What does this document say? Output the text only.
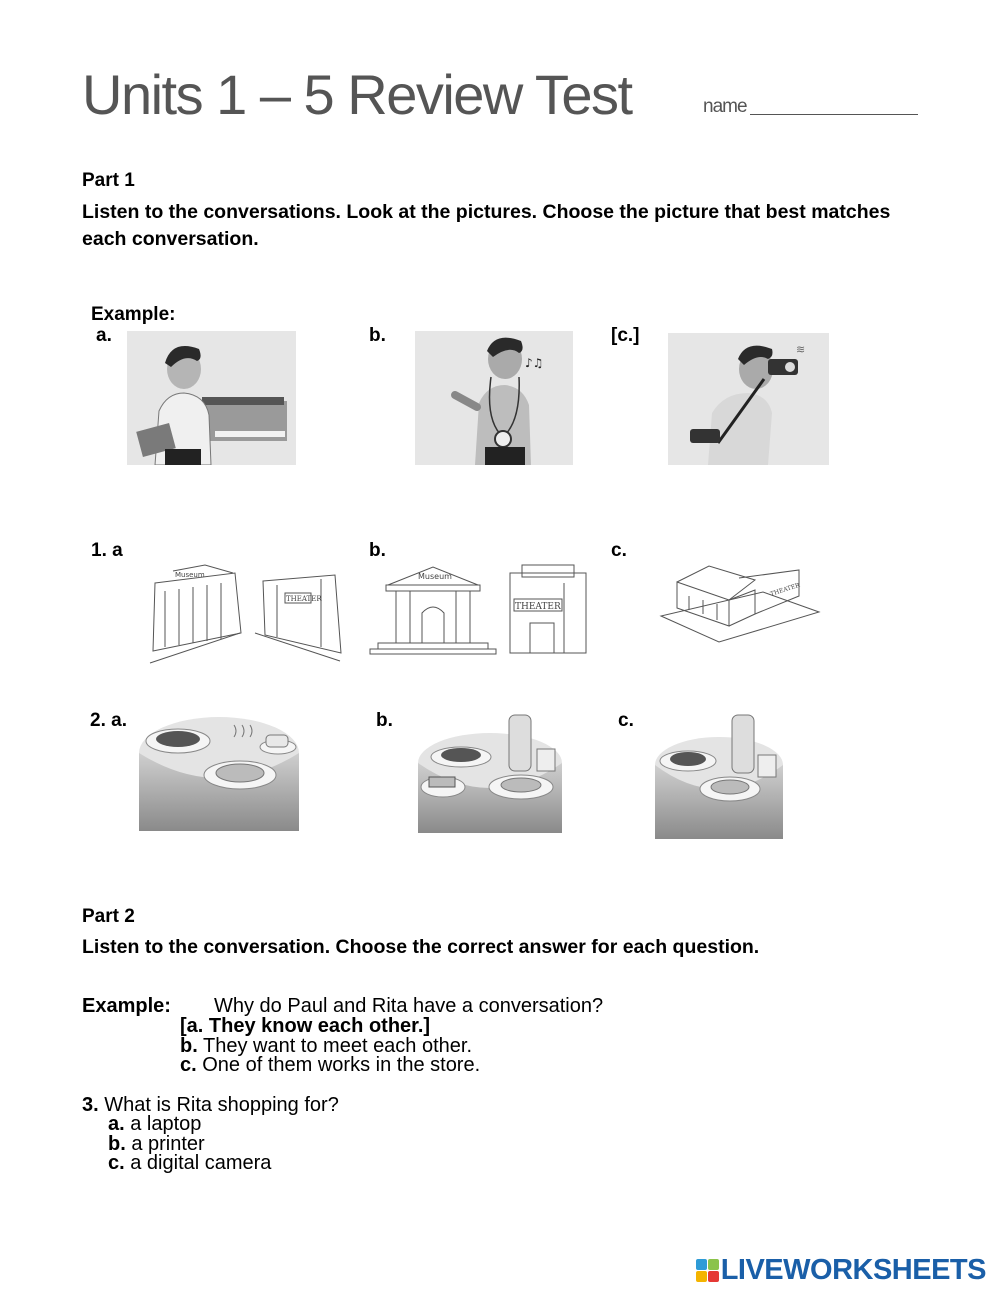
Units 1 – 5 Review Test	name
Part 1
Listen to the conversations. Look at the pictures. Choose the picture that best matches each conversation.
Example:
a.	b.	[c.]
♪♫
≋
1. a	b.	c.
Museum
THEATER
Museum
THEATER
THEATER
2. a.	b.	c.
Part 2
Listen to the conversation. Choose the correct answer for each question.
Example: Why do Paul and Rita have a conversation?
[a. They know each other.]
b. They want to meet each other.
c. One of them works in the store.
3. What is Rita shopping for?
a. a laptop
b. a printer
c. a digital camera
LIVEWORKSHEETS
